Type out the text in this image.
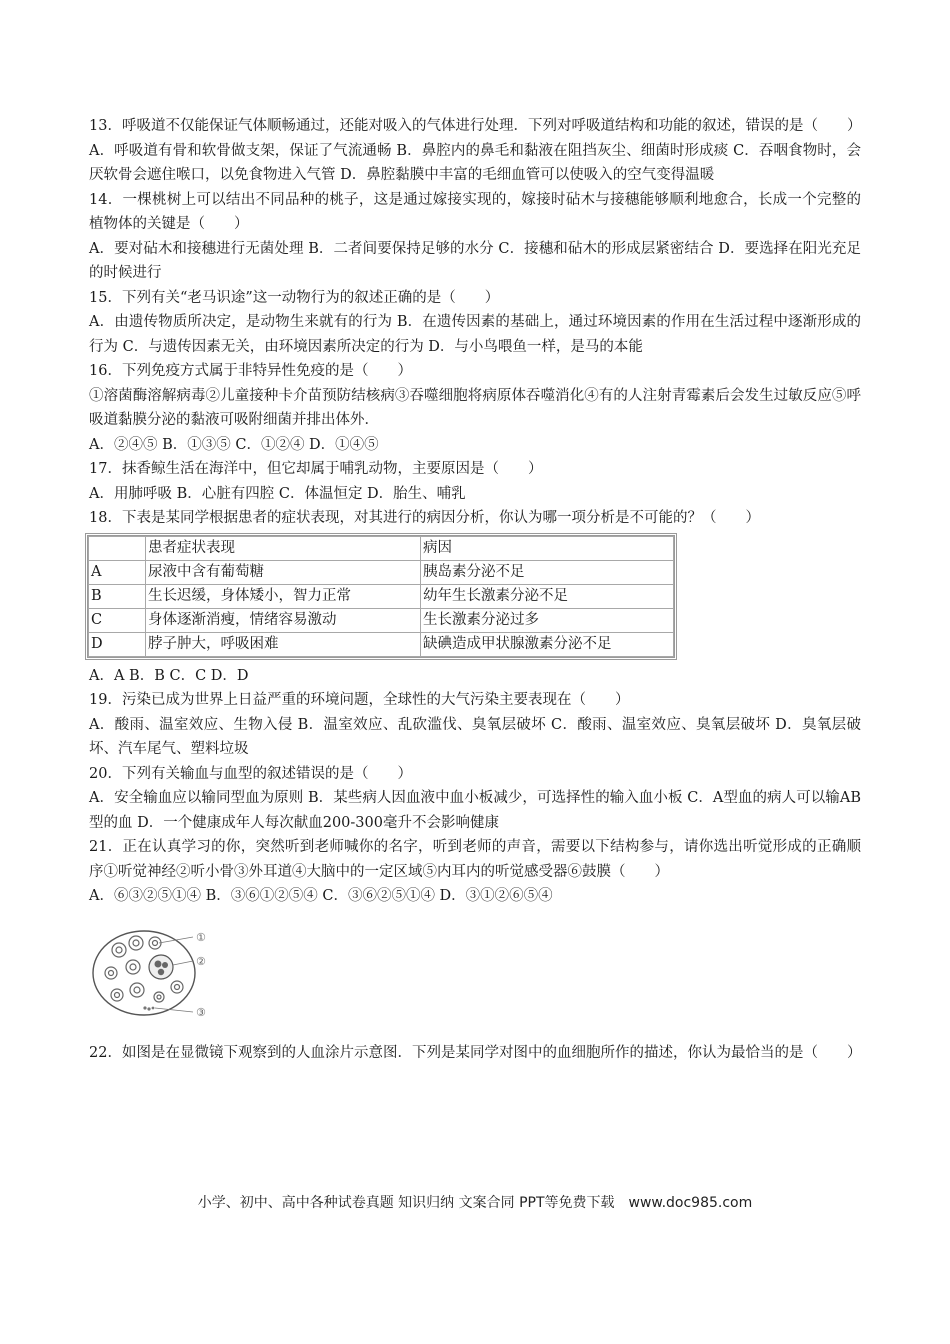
13．呼吸道不仅能保证气体顺畅通过，还能对吸入的气体进行处理．下列对呼吸道结构和功能的叙述，错误的是（　　）

A．呼吸道有骨和软骨做支架，保证了气流通畅 B．鼻腔内的鼻毛和黏液在阻挡灰尘、细菌时形成痰 C．吞咽食物时，会厌软骨会遮住喉口，以免食物进入气管 D．鼻腔黏膜中丰富的毛细血管可以使吸入的空气变得温暖

14．一棵桃树上可以结出不同品种的桃子，这是通过嫁接实现的，嫁接时砧木与接穗能够顺利地愈合，长成一个完整的植物体的关键是（　　）

A．要对砧木和接穗进行无菌处理 B．二者间要保持足够的水分 C．接穗和砧木的形成层紧密结合 D．要选择在阳光充足的时候进行

15．下列有关“老马识途”这一动物行为的叙述正确的是（　　）

A．由遗传物质所决定，是动物生来就有的行为 B．在遗传因素的基础上，通过环境因素的作用在生活过程中逐渐形成的行为 C．与遗传因素无关，由环境因素所决定的行为 D．与小鸟喂鱼一样，是马的本能

16．下列免疫方式属于非特异性免疫的是（　　）

①溶菌酶溶解病毒②儿童接种卡介苗预防结核病③吞噬细胞将病原体吞噬消化④有的人注射青霉素后会发生过敏反应⑤呼吸道黏膜分泌的黏液可吸附细菌并排出体外．

A．②④⑤ B．①③⑤ C．①②④ D．①④⑤

17．抹香鲸生活在海洋中，但它却属于哺乳动物，主要原因是（　　）

A．用肺呼吸 B．心脏有四腔 C．体温恒定 D．胎生、哺乳

18．下表是某同学根据患者的症状表现，对其进行的病因分析，你认为哪一项分析是不可能的？（　　）

	患者症状表现	病因
A	尿液中含有葡萄糖	胰岛素分泌不足
B	生长迟缓，身体矮小，智力正常	幼年生长激素分泌不足
C	身体逐渐消瘦，情绪容易激动	生长激素分泌过多
D	脖子肿大，呼吸困难	缺碘造成甲状腺激素分泌不足

A．A B．B C．C D．D

19．污染已成为世界上日益严重的环境问题，全球性的大气污染主要表现在（　　）

A．酸雨、温室效应、生物入侵 B．温室效应、乱砍滥伐、臭氧层破坏 C．酸雨、温室效应、臭氧层破坏 D．臭氧层破坏、汽车尾气、塑料垃圾

20．下列有关输血与血型的叙述错误的是（　　）

A．安全输血应以输同型血为原则 B．某些病人因血液中血小板减少，可选择性的输入血小板 C．A型血的病人可以输AB型的血 D．一个健康成年人每次献血200-300毫升不会影响健康

21．正在认真学习的你，突然听到老师喊你的名字，听到老师的声音，需要以下结构参与，请你选出听觉形成的正确顺序①听觉神经②听小骨③外耳道④大脑中的一定区域⑤内耳内的听觉感受器⑥鼓膜（　　）

A．⑥③②⑤①④ B．③⑥①②⑤④ C．③⑥②⑤①④ D．③①②⑥⑤④

①
②
③

22．如图是在显微镜下观察到的人血涂片示意图．下列是某同学对图中的血细胞所作的描述，你认为最恰当的是（　　）

小学、初中、高中各种试卷真题 知识归纳 文案合同 PPT等免费下载　www.doc985.com
